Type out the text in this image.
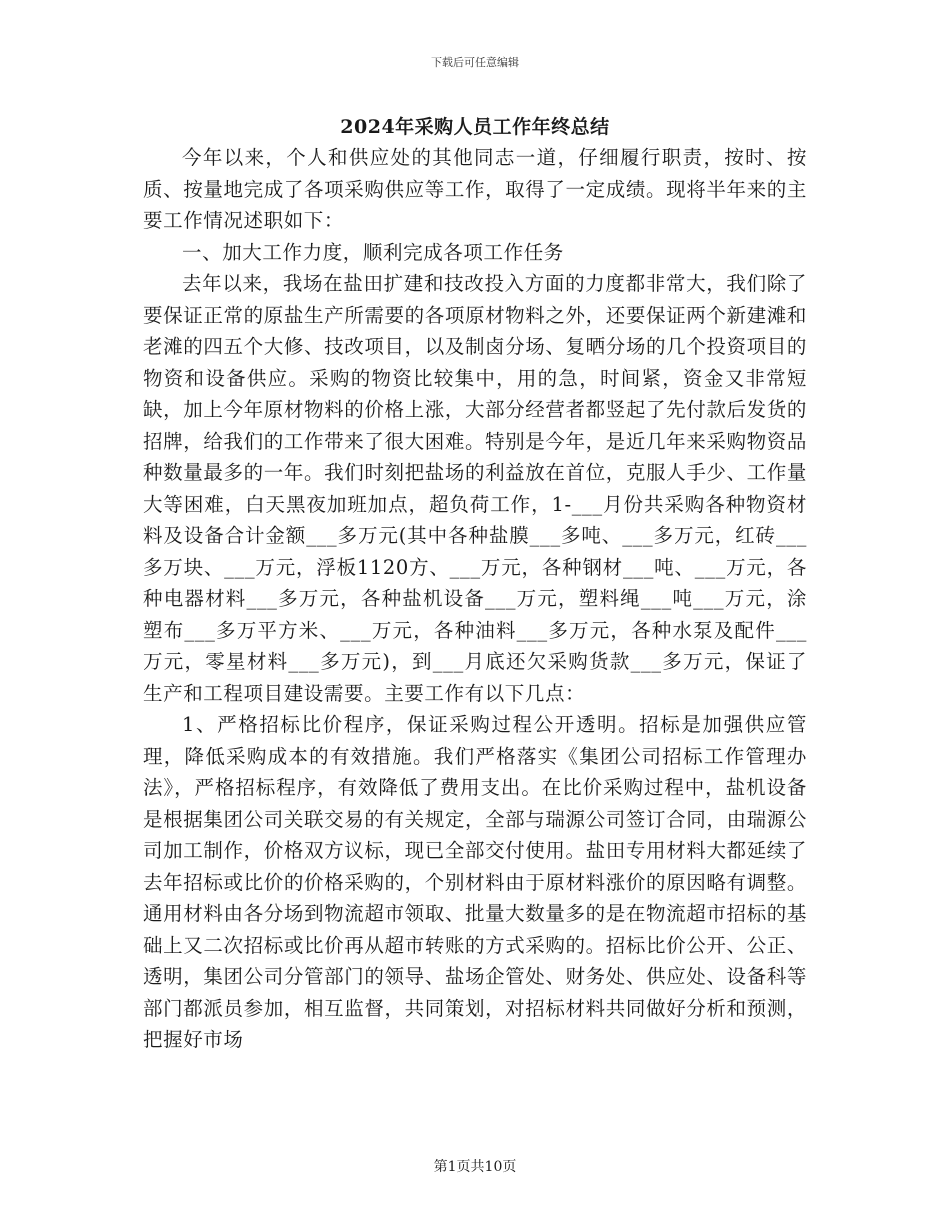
下载后可任意编辑
2024年采购人员工作年终总结

今年以来，个人和供应处的其他同志一道，仔细履行职责，按时、按质、按量地完成了各项采购供应等工作，取得了一定成绩。现将半年来的主要工作情况述职如下：

一、加大工作力度，顺利完成各项工作任务

去年以来，我场在盐田扩建和技改投入方面的力度都非常大，我们除了要保证正常的原盐生产所需要的各项原材物料之外，还要保证两个新建滩和老滩的四五个大修、技改项目，以及制卤分场、复晒分场的几个投资项目的物资和设备供应。采购的物资比较集中，用的急，时间紧，资金又非常短缺，加上今年原材物料的价格上涨，大部分经营者都竖起了先付款后发货的招牌，给我们的工作带来了很大困难。特别是今年，是近几年来采购物资品种数量最多的一年。我们时刻把盐场的利益放在首位，克服人手少、工作量大等困难，白天黑夜加班加点，超负荷工作，1-___月份共采购各种物资材料及设备合计金额___多万元(其中各种盐膜___多吨、___多万元，红砖___多万块、___万元，浮板1120方、___万元，各种钢材___吨、___万元，各种电器材料___多万元，各种盐机设备___万元，塑料绳___吨___万元，涂塑布___多万平方米、___万元，各种油料___多万元，各种水泵及配件___万元，零星材料___多万元)，到___月底还欠采购货款___多万元，保证了生产和工程项目建设需要。主要工作有以下几点：

1、严格招标比价程序，保证采购过程公开透明。招标是加强供应管理，降低采购成本的有效措施。我们严格落实《集团公司招标工作管理办法》，严格招标程序，有效降低了费用支出。在比价采购过程中，盐机设备是根据集团公司关联交易的有关规定，全部与瑞源公司签订合同，由瑞源公司加工制作，价格双方议标，现已全部交付使用。盐田专用材料大都延续了去年招标或比价的价格采购的，个别材料由于原材料涨价的原因略有调整。通用材料由各分场到物流超市领取、批量大数量多的是在物流超市招标的基础上又二次招标或比价再从超市转账的方式采购的。招标比价公开、公正、透明，集团公司分管部门的领导、盐场企管处、财务处、供应处、设备科等部门都派员参加，相互监督，共同策划，对招标材料共同做好分析和预测，把握好市场

第1页共10页
